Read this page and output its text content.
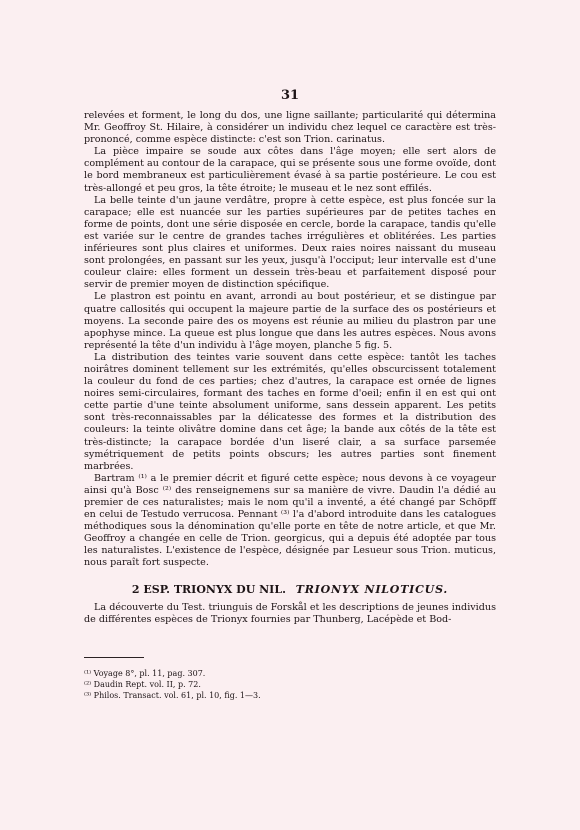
31

relevées et forment, le long du dos, une ligne saillante; particularité qui détermina Mr. Geoffroy St. Hilaire, à considérer un individu chez lequel ce caractère est très-prononcé, comme espèce distincte: c'est son Trion. carinatus.

La pièce impaire se soude aux côtes dans l'âge moyen; elle sert alors de complément au contour de la carapace, qui se présente sous une forme ovoïde, dont le bord membraneux est particulièrement évasé à sa partie postérieure. Le cou est très-allongé et peu gros, la tête étroite; le museau et le nez sont effilés.

La belle teinte d'un jaune verdâtre, propre à cette espèce, est plus foncée sur la carapace; elle est nuancée sur les parties supérieures par de petites taches en forme de points, dont une série disposée en cercle, borde la carapace, tandis qu'elle est variée sur le centre de grandes taches irrégulières et oblitérées. Les parties inférieures sont plus claires et uniformes. Deux raies noires naissant du museau sont prolongées, en passant sur les yeux, jusqu'à l'occiput; leur intervalle est d'une couleur claire: elles forment un dessein très-beau et parfaitement disposé pour servir de premier moyen de distinction spécifique.

Le plastron est pointu en avant, arrondi au bout postérieur, et se distingue par quatre callosités qui occupent la majeure partie de la surface des os postérieurs et moyens. La seconde paire des os moyens est réunie au milieu du plastron par une apophyse mince. La queue est plus longue que dans les autres espèces. Nous avons représenté la tête d'un individu à l'âge moyen, planche 5 fig. 5.

La distribution des teintes varie souvent dans cette espèce: tantôt les taches noirâtres dominent tellement sur les extrémités, qu'elles obscurcissent totalement la couleur du fond de ces parties; chez d'autres, la carapace est ornée de lignes noires semi-circulaires, formant des taches en forme d'oeil; enfin il en est qui ont cette partie d'une teinte absolument uniforme, sans dessein apparent. Les petits sont très-reconnaissables par la délicatesse des formes et la distribution des couleurs: la teinte olivâtre domine dans cet âge; la bande aux côtés de la tête est très-distincte; la carapace bordée d'un liseré clair, a sa surface parsemée symétriquement de petits points obscurs; les autres parties sont finement marbrées.

Bartram ⁽¹⁾ a le premier décrit et figuré cette espèce; nous devons à ce voyageur ainsi qu'à Bosc ⁽²⁾ des renseignemens sur sa manière de vivre. Daudin l'a dédié au premier de ces naturalistes; mais le nom qu'il a inventé, a été changé par Schöpff en celui de Testudo verrucosa. Pennant ⁽³⁾ l'a d'abord introduite dans les catalogues méthodiques sous la dénomination qu'elle porte en tête de notre article, et que Mr. Geoffroy a changée en celle de Trion. georgicus, qui a depuis été adoptée par tous les naturalistes. L'existence de l'espèce, désignée par Lesueur sous Trion. muticus, nous paraît fort suspecte.

2 ESP. TRIONYX DU NIL. TRIONYX NILOTICUS.

La découverte du Test. triunguis de Forskål et les descriptions de jeunes individus de différentes espèces de Trionyx fournies par Thunberg, Lacépède et Bod-

⁽¹⁾ Voyage 8°, pl. 11, pag. 307.
⁽²⁾ Daudin Rept. vol. II, p. 72.
⁽³⁾ Philos. Transact. vol. 61, pl. 10, fig. 1—3.
